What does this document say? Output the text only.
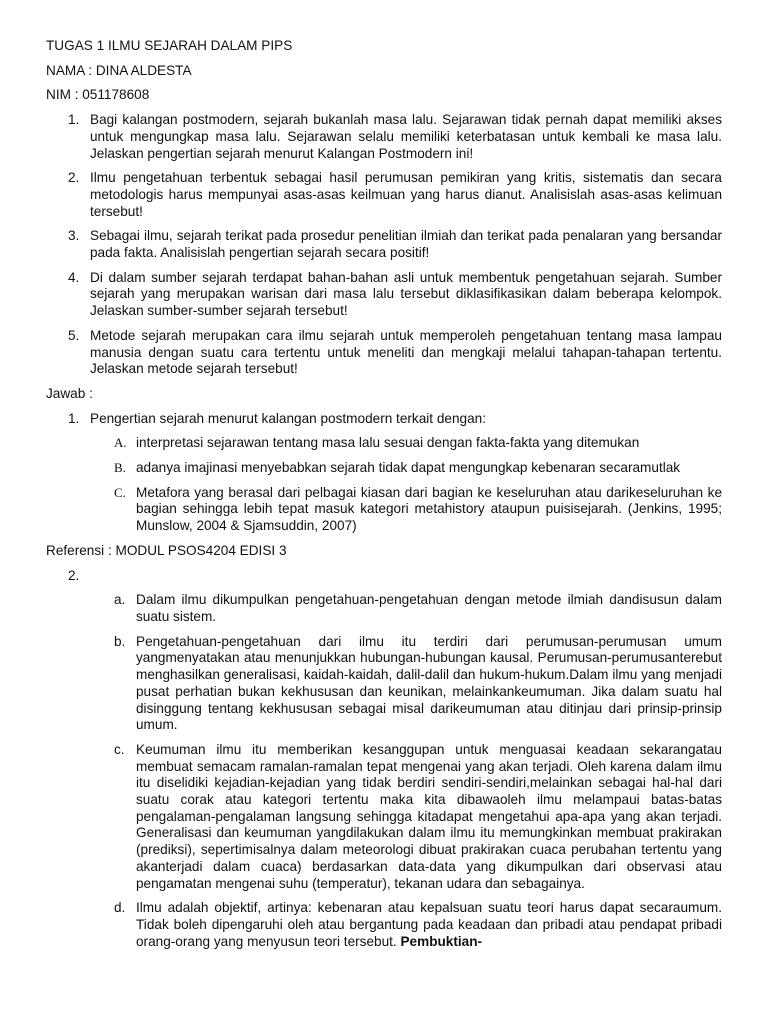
TUGAS 1 ILMU SEJARAH DALAM PIPS
NAMA : DINA ALDESTA
NIM : 051178608
1. Bagi kalangan postmodern, sejarah bukanlah masa lalu. Sejarawan tidak pernah dapat memiliki akses untuk mengungkap masa lalu. Sejarawan selalu memiliki keterbatasan untuk kembali ke masa lalu. Jelaskan pengertian sejarah menurut Kalangan Postmodern ini!
2. Ilmu pengetahuan terbentuk sebagai hasil perumusan pemikiran yang kritis, sistematis dan secara metodologis harus mempunyai asas-asas keilmuan yang harus dianut. Analisislah asas-asas kelimuan tersebut!
3. Sebagai ilmu, sejarah terikat pada prosedur penelitian ilmiah dan terikat pada penalaran yang bersandar pada fakta. Analisislah pengertian sejarah secara positif!
4. Di dalam sumber sejarah terdapat bahan-bahan asli untuk membentuk pengetahuan sejarah. Sumber sejarah yang merupakan warisan dari masa lalu tersebut diklasifikasikan dalam beberapa kelompok. Jelaskan sumber-sumber sejarah tersebut!
5. Metode sejarah merupakan cara ilmu sejarah untuk memperoleh pengetahuan tentang masa lampau manusia dengan suatu cara tertentu untuk meneliti dan mengkaji melalui tahapan-tahapan tertentu. Jelaskan metode sejarah tersebut!
Jawab :
1. Pengertian sejarah menurut kalangan postmodern terkait dengan:
A. interpretasi sejarawan tentang masa lalu sesuai dengan fakta-fakta yang ditemukan
B. adanya imajinasi menyebabkan sejarah tidak dapat mengungkap kebenaran secaramutlak
C. Metafora yang berasal dari pelbagai kiasan dari bagian ke keseluruhan atau darikeseluruhan ke bagian sehingga lebih tepat masuk kategori metahistory ataupun puisisejarah. (Jenkins, 1995; Munslow, 2004 & Sjamsuddin, 2007)
Referensi : MODUL PSOS4204 EDISI 3
2.
a. Dalam ilmu dikumpulkan pengetahuan-pengetahuan dengan metode ilmiah dandisusun dalam suatu sistem.
b. Pengetahuan-pengetahuan dari ilmu itu terdiri dari perumusan-perumusan umum yangmenyatakan atau menunjukkan hubungan-hubungan kausal. Perumusan-perumusanterebut menghasilkan generalisasi, kaidah-kaidah, dalil-dalil dan hukum-hukum.Dalam ilmu yang menjadi pusat perhatian bukan kekhususan dan keunikan, melainkankeumuman. Jika dalam suatu hal disinggung tentang kekhususan sebagai misal darikeumuman atau ditinjau dari prinsip-prinsip umum.
c. Keumuman ilmu itu memberikan kesanggupan untuk menguasai keadaan sekarangatau membuat semacam ramalan-ramalan tepat mengenai yang akan terjadi. Oleh karena dalam ilmu itu diselidiki kejadian-kejadian yang tidak berdiri sendiri-sendiri,melainkan sebagai hal-hal dari suatu corak atau kategori tertentu maka kita dibawaoleh ilmu melampaui batas-batas pengalaman-pengalaman langsung sehingga kitadapat mengetahui apa-apa yang akan terjadi. Generalisasi dan keumuman yangdilakukan dalam ilmu itu memungkinkan membuat prakirakan (prediksi), sepertimisalnya dalam meteorologi dibuat prakirakan cuaca perubahan tertentu yang akanterjadi dalam cuaca) berdasarkan data-data yang dikumpulkan dari observasi atau pengamatan mengenai suhu (temperatur), tekanan udara dan sebagainya.
d. Ilmu adalah objektif, artinya: kebenaran atau kepalsuan suatu teori harus dapat secaraumum. Tidak boleh dipengaruhi oleh atau bergantung pada keadaan dan pribadi atau pendapat pribadi orang-orang yang menyusun teori tersebut. Pembuktian-
